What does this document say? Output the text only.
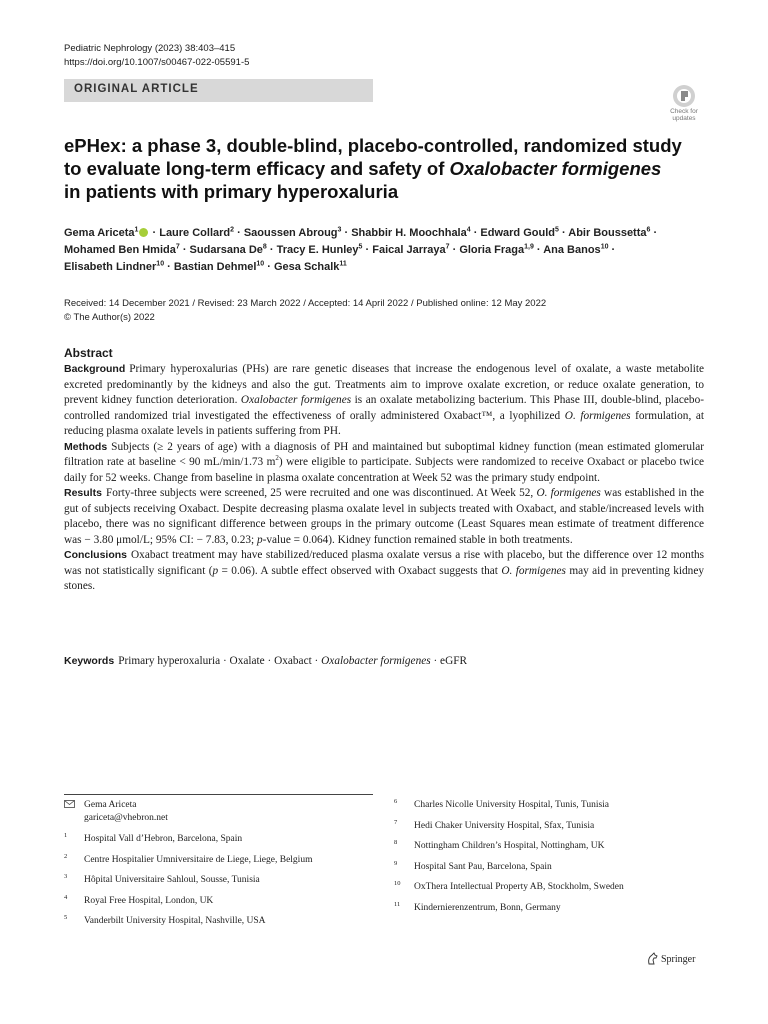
Pediatric Nephrology (2023) 38:403–415
https://doi.org/10.1007/s00467-022-05591-5
ORIGINAL ARTICLE
Check for
updates
ePHex: a phase 3, double-blind, placebo-controlled, randomized study
to evaluate long-term efficacy and safety of Oxalobacter formigenes
in patients with primary hyperoxaluria
Gema Ariceta$^1$ · Laure Collard$^2$ · Saoussen Abroug$^3$ · Shabbir H. Moochhala$^4$ · Edward Gould$^5$ · Abir Boussetta$^6$ ·
Mohamed Ben Hmida$^7$ · Sudarsana $De^8$ · Tracy E. Hunley$^5$ · Faical Jarraya$^7$ · Gloria Fraga$^{1,9}$ · Ana Banos$^{10}$ ·
Elisabeth Lindner$^{10}$ · Bastian Dehmel$^{10}$ · Gesa Schalk$^{11}$
Received: 14 December 2021 / Revised: 23 March 2022 / Accepted: 14 April 2022 / Published online: 12 May 2022
© The Author(s) 2022
Abstract

Background Primary hyperoxalurias (PHs) are rare genetic diseases that increase the endogenous level of oxalate, a waste metabolite excreted predominantly by the kidneys and also the gut. Treatments aim to improve oxalate excretion, or reduce oxalate generation, to prevent kidney function deterioration. Oxalobacter formigenes is an oxalate metabolizing bacterium. This Phase III, double-blind, placebo-controlled randomized trial investigated the effectiveness of orally administered Oxabact™, a lyophilized O. formigenes formulation, at reducing plasma oxalate levels in patients suffering from PH.

Methods Subjects (≥ 2 years of age) with a diagnosis of PH and maintained but suboptimal kidney function (mean estimated glomerular filtration rate at baseline < 90 mL/min/1.73 $m^2$) were eligible to participate. Subjects were randomized to receive Oxabact or placebo twice daily for 52 weeks. Change from baseline in plasma oxalate concentration at Week 52 was the primary study endpoint.

Results Forty-three subjects were screened, 25 were recruited and one was discontinued. At Week 52, O. formigenes was established in the gut of subjects receiving Oxabact. Despite decreasing plasma oxalate level in subjects treated with Oxabact, and stable/increased levels with placebo, there was no significant difference between groups in the primary outcome (Least Squares mean estimate of treatment difference was − 3.80 μmol/L; 95% CI: − 7.83, 0.23; p-value = 0.064). Kidney function remained stable in both treatments.

Conclusions Oxabact treatment may have stabilized/reduced plasma oxalate versus a rise with placebo, but the difference over 12 months was not statistically significant (p = 0.06). A subtle effect observed with Oxabact suggests that O. formigenes may aid in preventing kidney stones.

Keywords Primary hyperoxaluria · Oxalate · Oxabact · Oxalobacter formigenes · eGFR
Gema Ariceta
gariceta@vhebron.net
1 Hospital Vall d’Hebron, Barcelona, Spain
2 Centre Hospitalier Umniversitaire de Liege, Liege, Belgium
3 Hôpital Universitaire Sahloul, Sousse, Tunisia
4 Royal Free Hospital, London, UK
5 Vanderbilt University Hospital, Nashville, USA
6 Charles Nicolle University Hospital, Tunis, Tunisia
7 Hedi Chaker University Hospital, Sfax, Tunisia
8 Nottingham Children’s Hospital, Nottingham, UK
9 Hospital Sant Pau, Barcelona, Spain
10 OxThera Intellectual Property AB, Stockholm, Sweden
11 Kindernierenzentrum, Bonn, Germany
Springer
